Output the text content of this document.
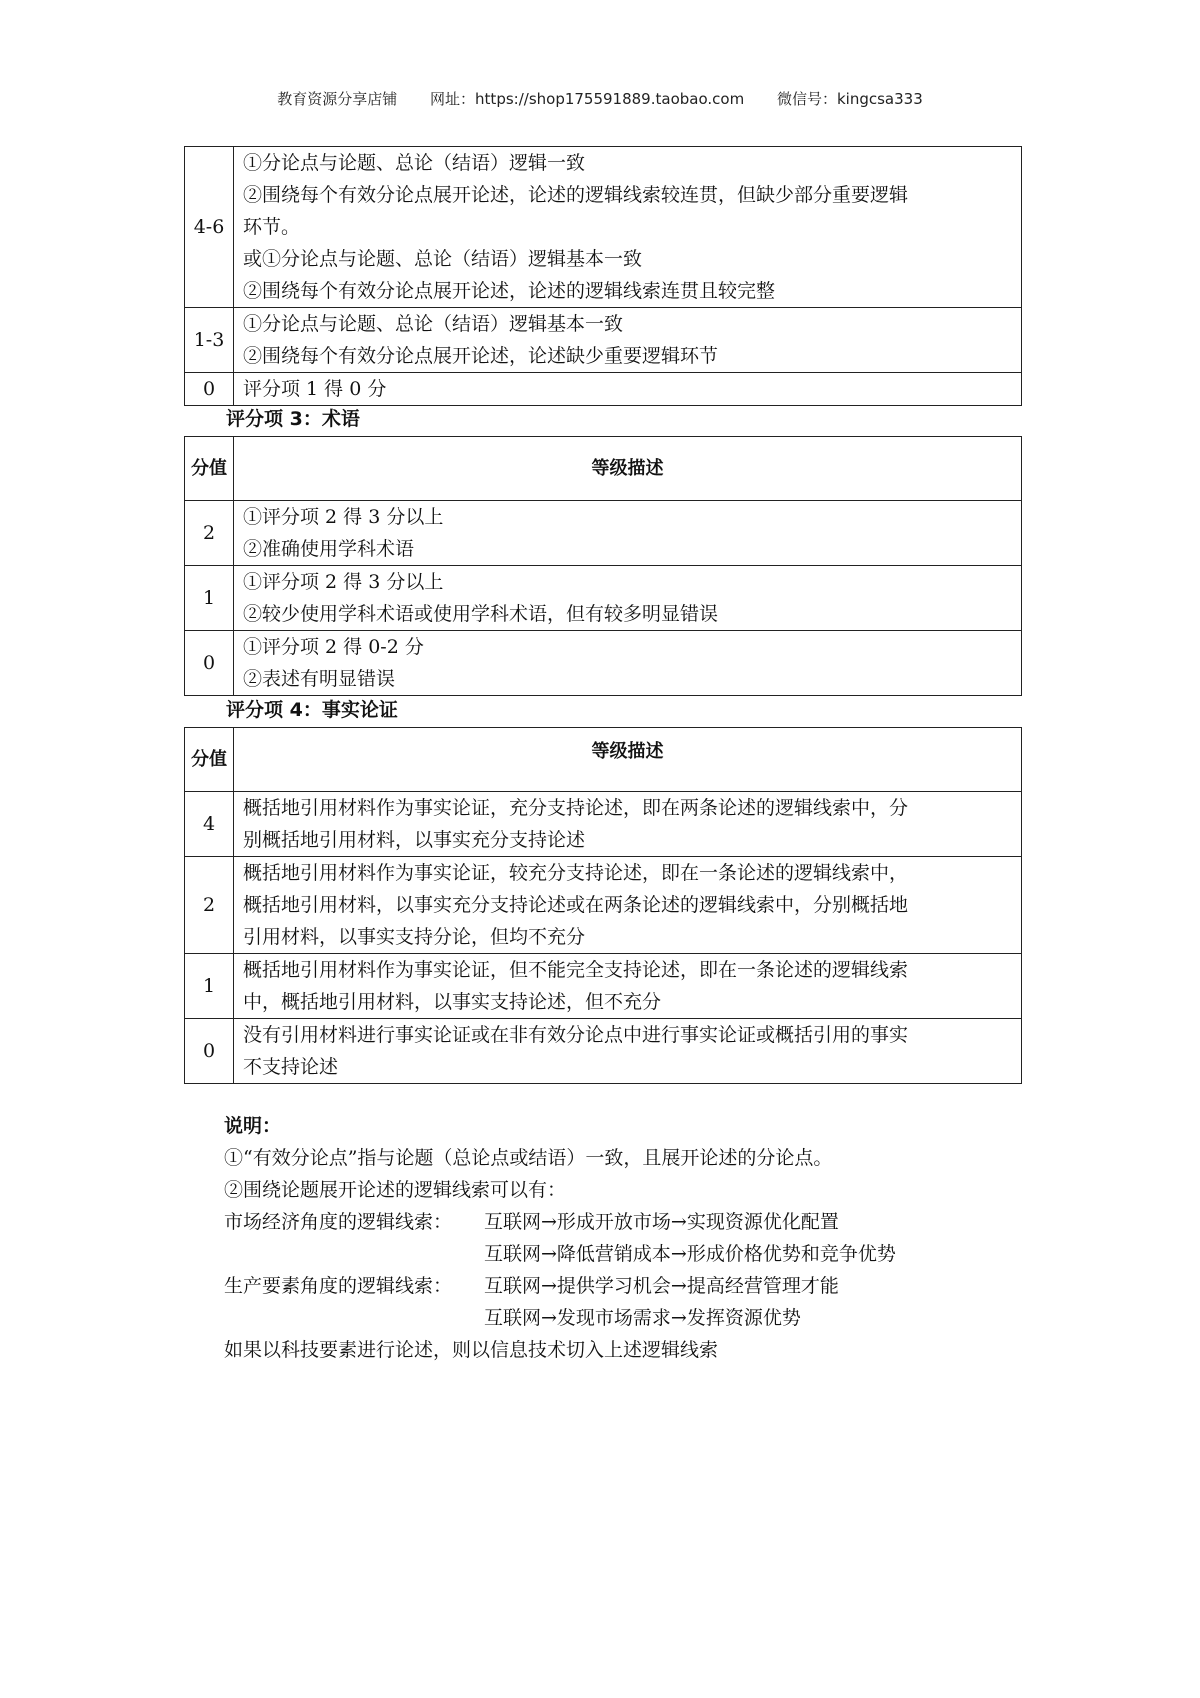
教育资源分享店铺 网址：https://shop175591889.taobao.com 微信号：kingcsa333
4-6	①分论点与论题、总论（结语）逻辑一致
②围绕每个有效分论点展开论述，论述的逻辑线索较连贯，但缺少部分重要逻辑
环节。
或①分论点与论题、总论（结语）逻辑基本一致
②围绕每个有效分论点展开论述，论述的逻辑线索连贯且较完整

1-3	①分论点与论题、总论（结语）逻辑基本一致
②围绕每个有效分论点展开论述，论述缺少重要逻辑环节

0	评分项 1 得 0 分
评分项 3：术语
分值	等级描述
2	①评分项 2 得 3 分以上
②准确使用学科术语

1	①评分项 2 得 3 分以上
②较少使用学科术语或使用学科术语，但有较多明显错误

0	①评分项 2 得 0-2 分
②表述有明显错误
评分项 4：事实论证
分值	等级描述
4	概括地引用材料作为事实论证，充分支持论述，即在两条论述的逻辑线索中，分
别概括地引用材料，以事实充分支持论述

2	概括地引用材料作为事实论证，较充分支持论述，即在一条论述的逻辑线索中，
概括地引用材料，以事实充分支持论述或在两条论述的逻辑线索中，分别概括地
引用材料，以事实支持分论，但均不充分

1	概括地引用材料作为事实论证，但不能完全支持论述，即在一条论述的逻辑线索
中，概括地引用材料，以事实支持论述，但不充分

0	没有引用材料进行事实论证或在非有效分论点中进行事实论证或概括引用的事实
不支持论述
说明：
①“有效分论点”指与论题（总论点或结语）一致，且展开论述的分论点。
②围绕论题展开论述的逻辑线索可以有：
市场经济角度的逻辑线索：	互联网→形成开放市场→实现资源优化配置
互联网→降低营销成本→形成价格优势和竞争优势
生产要素角度的逻辑线索：	互联网→提供学习机会→提高经营管理才能
互联网→发现市场需求→发挥资源优势
如果以科技要素进行论述，则以信息技术切入上述逻辑线索
